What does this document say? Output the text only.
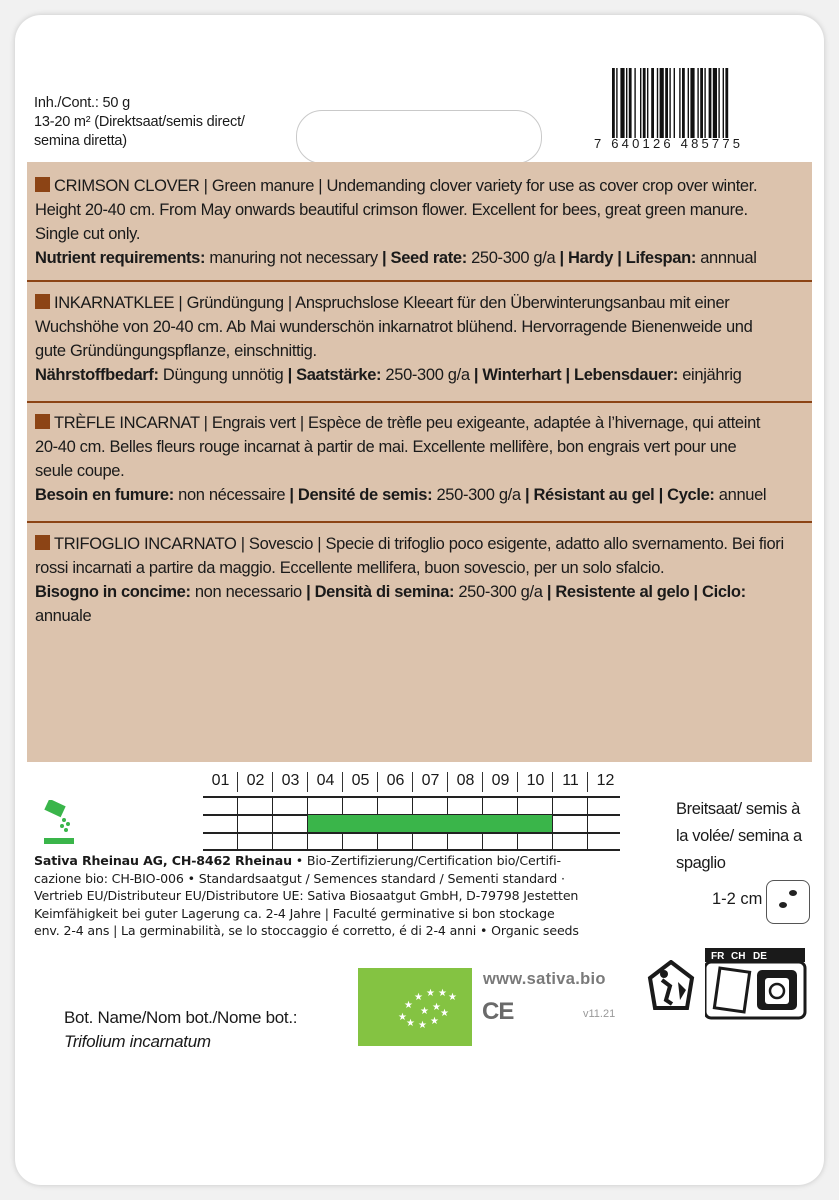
Inh./Cont.: 50 g
13-20 m² (Direktsaat/semis direct/
semina diretta)	7 640126 485775
CRIMSON CLOVER | Green manure | Undemanding clover variety for use as cover crop over winter.
Height 20-40 cm. From May onwards beautiful crimson flower. Excellent for bees, great green manure.
Single cut only.
Nutrient requirements: manuring not necessary | Seed rate: 250-300 g/a | Hardy | Lifespan: annnual
INKARNATKLEE | Gründüngung | Anspruchslose Kleeart für den Überwinterungsanbau mit einer
Wuchshöhe von 20-40 cm. Ab Mai wunderschön inkarnatrot blühend. Hervorragende Bienenweide und
gute Gründüngungspflanze, einschnittig.
Nährstoffbedarf: Düngung unnötig | Saatstärke: 250-300 g/a | Winterhart | Lebensdauer: einjährig
TRÈFLE INCARNAT | Engrais vert | Espèce de trèfle peu exigeante, adaptée à l’hivernage, qui atteint
20-40 cm. Belles fleurs rouge incarnat à partir de mai. Excellente mellifère, bon engrais vert pour une
seule coupe.
Besoin en fumure: non nécessaire | Densité de semis: 250-300 g/a | Résistant au gel | Cycle: annuel
TRIFOGLIO INCARNATO | Sovescio | Specie di trifoglio poco esigente, adatto allo svernamento. Bei fiori
rossi incarnati a partire da maggio. Eccellente mellifera, buon sovescio, per un solo sfalcio.
Bisogno in concime: non necessario | Densità di semina: 250-300 g/a | Resistente al gelo | Ciclo:
annuale
01	02	03	04	05	06	07	08	09	10	11	12
Breitsaat/ semis à
la volée/ semina a
spaglio
1-2 cm
Sativa Rheinau AG, CH-8462 Rheinau • Bio-Zertifizierung/Certification bio/Certifi-
cazione bio: CH-BIO-006 • Standardsaatgut / Semences standard / Sementi standard ·
Vertrieb EU/Distributeur EU/Distributore UE: Sativa Biosaatgut GmbH, D-79798 Jestetten
Keimfähigkeit bei guter Lagerung ca. 2-4 Jahre | Faculté germinative si bon stockage
env. 2-4 ans | La germinabilità, se lo stoccaggio é corretto, é di 2-4 anni • Organic seeds
Bot. Name/Nom bot./Nome bot.:
Trifolium incarnatum
★
★
★ ★ ★ ★
★ ★ ★
★
★ ★
www.sativa.bio
CE	v11.21
FR CH DE
